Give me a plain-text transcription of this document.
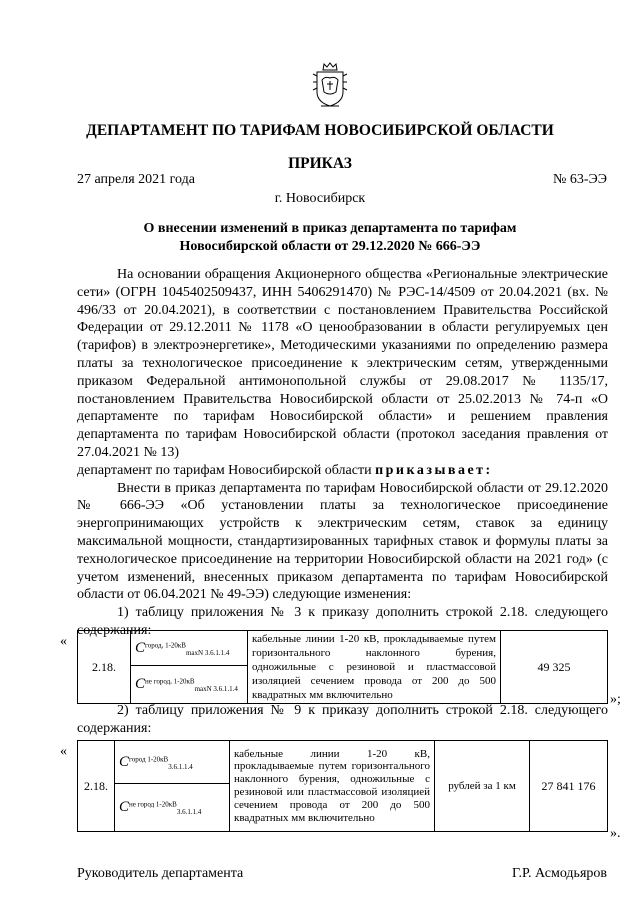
ДЕПАРТАМЕНТ ПО ТАРИФАМ НОВОСИБИРСКОЙ ОБЛАСТИ
ПРИКАЗ
27 апреля 2021 года	№ 63-ЭЭ
г. Новосибирск
О внесении изменений в приказ департамента по тарифам Новосибирской области от 29.12.2020 № 666-ЭЭ

На основании обращения Акционерного общества «Региональные электрические сети» (ОГРН 1045402509437, ИНН 5406291470) № РЭС-14/4509 от 20.04.2021 (вх. № 496/33 от 20.04.2021), в соответствии с постановлением Правительства Российской Федерации от 29.12.2011 № 1178 «О ценообразовании в области регулируемых цен (тарифов) в электроэнергетике», Методическими указаниями по определению размера платы за технологическое присоединение к электрическим сетям, утвержденными приказом Федеральной антимонопольной службы от 29.08.2017 № 1135/17, постановлением Правительства Новосибирской области от 25.02.2013 № 74-п «О департаменте по тарифам Новосибирской области» и решением правления департамента по тарифам Новосибирской области (протокол заседания правления от 27.04.2021 № 13)

департамент по тарифам Новосибирской области приказывает:

Внести в приказ департамента по тарифам Новосибирской области от 29.12.2020 № 666-ЭЭ «Об установлении платы за технологическое присоединение энергопринимающих устройств к электрическим сетям, ставок за единицу максимальной мощности, стандартизированных тарифных ставок и формулы платы за технологическое присоединение на территории Новосибирской области на 2021 год» (с учетом изменений, внесенных приказом департамента по тарифам Новосибирской области от 06.04.2021 № 49-ЭЭ) следующие изменения:

1) таблицу приложения № 3 к приказу дополнить строкой 2.18. следующего содержания:

«
2.18.	$C^{город, 1-20кВ}_{maxN 3.6.1.1.4}$	кабельные линии 1-20 кВ, прокладываемые путем горизонтального наклонного бурения, одножильные с резиновой и пластмассовой изоляцией сечением провода от 200 до 500 квадратных мм включительно	49 325
$C^{не город, 1-20кВ}_{maxN 3.6.1.1.4}$
»;

2) таблицу приложения № 9 к приказу дополнить строкой 2.18. следующего содержания:

«
2.18.	$C^{город 1-20кВ}_{3.6.1.1.4}$	кабельные линии 1-20 кВ, прокладываемые путем горизонтального наклонного бурения, одножильные с резиновой или пластмассовой изоляцией сечением провода от 200 до 500 квадратных мм включительно	рублей за 1 км	27 841 176
$C^{не город 1-20кВ}_{3.6.1.1.4}$
».
Руководитель департамента	Г.Р. Асмодьяров
